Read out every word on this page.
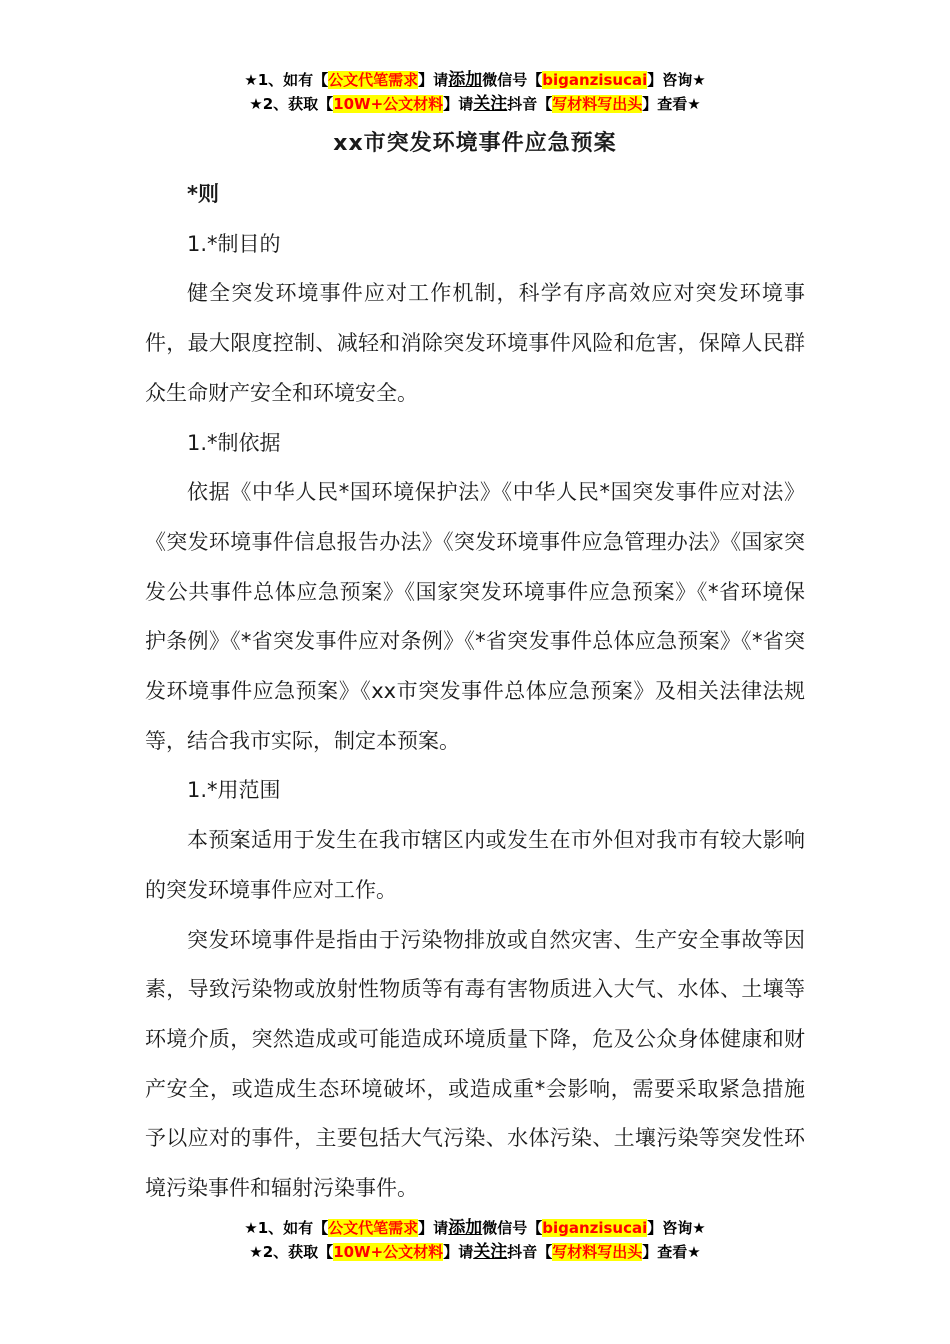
★1、如有【公文代笔需求】请添加微信号【biganzisucai】咨询★
★2、获取【10W+公文材料】请关注抖音【写材料写出头】查看★
xx市突发环境事件应急预案

*则

1.*制目的

健全突发环境事件应对工作机制，科学有序高效应对突发环境事件，最大限度控制、减轻和消除突发环境事件风险和危害，保障人民群众生命财产安全和环境安全。

1.*制依据

依据《中华人民*国环境保护法》《中华人民*国突发事件应对法》《突发环境事件信息报告办法》《突发环境事件应急管理办法》《国家突发公共事件总体应急预案》《国家突发环境事件应急预案》《*省环境保护条例》《*省突发事件应对条例》《*省突发事件总体应急预案》《*省突发环境事件应急预案》《xx市突发事件总体应急预案》及相关法律法规等，结合我市实际，制定本预案。

1.*用范围

本预案适用于发生在我市辖区内或发生在市外但对我市有较大影响的突发环境事件应对工作。

突发环境事件是指由于污染物排放或自然灾害、生产安全事故等因素，导致污染物或放射性物质等有毒有害物质进入大气、水体、土壤等环境介质，突然造成或可能造成环境质量下降，危及公众身体健康和财产安全，或造成生态环境破坏，或造成重*会影响，需要采取紧急措施予以应对的事件，主要包括大气污染、水体污染、土壤污染等突发性环境污染事件和辐射污染事件。

★1、如有【公文代笔需求】请添加微信号【biganzisucai】咨询★
★2、获取【10W+公文材料】请关注抖音【写材料写出头】查看★
